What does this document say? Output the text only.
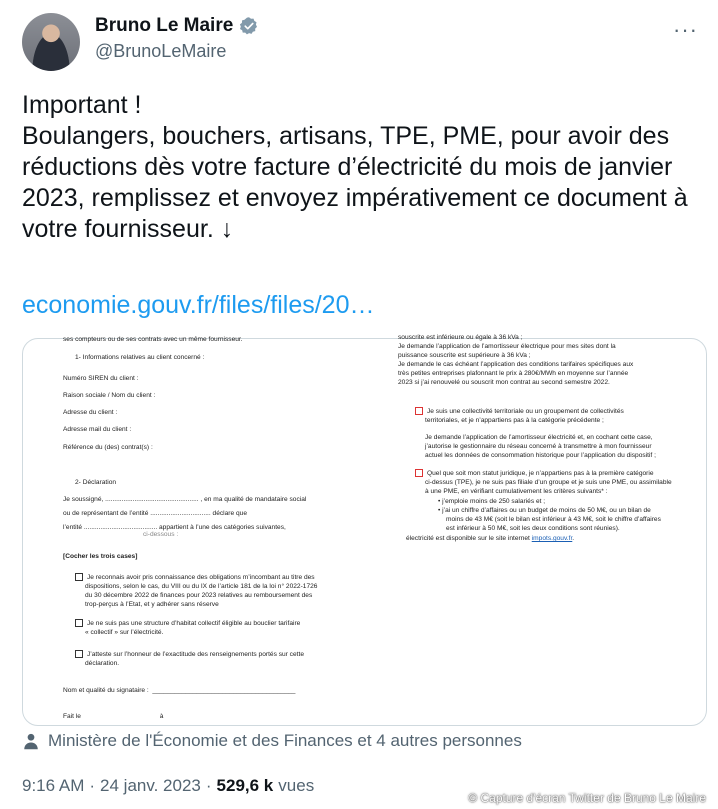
Bruno Le Maire
@BrunoLeMaire
···
Important !
Boulangers, bouchers, artisans, TPE, PME, pour avoir des réductions dès votre facture d’électricité du mois de janvier 2023, remplissez et envoyez impérativement ce document à votre fournisseur. ↓
economie.gouv.fr/files/files/20…
ses compteurs ou de ses contrats avec un même fournisseur.
1- Informations relatives au client concerné :
Numéro SIREN du client :
Raison sociale / Nom du client :
Adresse du client :
Adresse mail du client :
Référence du (des) contrat(s) :
2- Déclaration
Je soussigné, ................................................... , en ma qualité de mandataire social
ou de représentant de l’entité ................................. déclare que
l’entité ........................................ appartient à l’une des catégories suivantes,
ci-dessous :
[Cocher les trois cases]
Je reconnais avoir pris connaissance des obligations m’incombant au titre des
dispositions, selon le cas, du VIII ou du IX de l’article 181 de la loi n° 2022-1726
du 30 décembre 2022 de finances pour 2023 relatives au remboursement des
trop-perçus à l’Etat, et y adhérer sans réserve
Je ne suis pas une structure d’habitat collectif éligible au bouclier tarifaire
« collectif » sur l’électricité.
J’atteste sur l’honneur de l’exactitude des renseignements portés sur cette
déclaration.
Nom et qualité du signataire :  _______________________________________
Fait le                                           à
souscrite est inférieure ou égale à 36 kVa ;
Je demande l’application de l’amortisseur électrique pour mes sites dont la
puissance souscrite est supérieure à 36 kVa ;
Je demande le cas échéant l’application des conditions tarifaires spécifiques aux
très petites entreprises plafonnant le prix à 280€/MWh en moyenne sur l’année
2023 si j’ai renouvelé ou souscrit mon contrat au second semestre 2022.
Je suis une collectivité territoriale ou un groupement de collectivités
territoriales, et je n’appartiens pas à la catégorie précédente ;
Je demande l’application de l’amortisseur électricité et, en cochant cette case,
j’autorise le gestionnaire du réseau concerné à transmettre à mon fournisseur
actuel les données de consommation historique pour l’application du dispositif ;
Quel que soit mon statut juridique, je n’appartiens pas à la première catégorie
ci-dessus (TPE), je ne suis pas filiale d’un groupe et je suis une PME, ou assimilable
à une PME, en vérifiant cumulativement les critères suivants* :
• j’emploie moins de 250 salariés et ;
• j’ai un chiffre d’affaires ou un budget de moins de 50 M€, ou un bilan de
moins de 43 M€ (soit le bilan est inférieur à 43 M€, soit le chiffre d’affaires
est inférieur à 50 M€, soit les deux conditions sont réunies).
électricité est disponible sur le site internet impots.gouv.fr.
Ministère de l'Économie et des Finances et 4 autres personnes
9:16 AM · 24 janv. 2023 · 529,6 k vues
© Capture d'écran Twitter de Bruno Le Maire
